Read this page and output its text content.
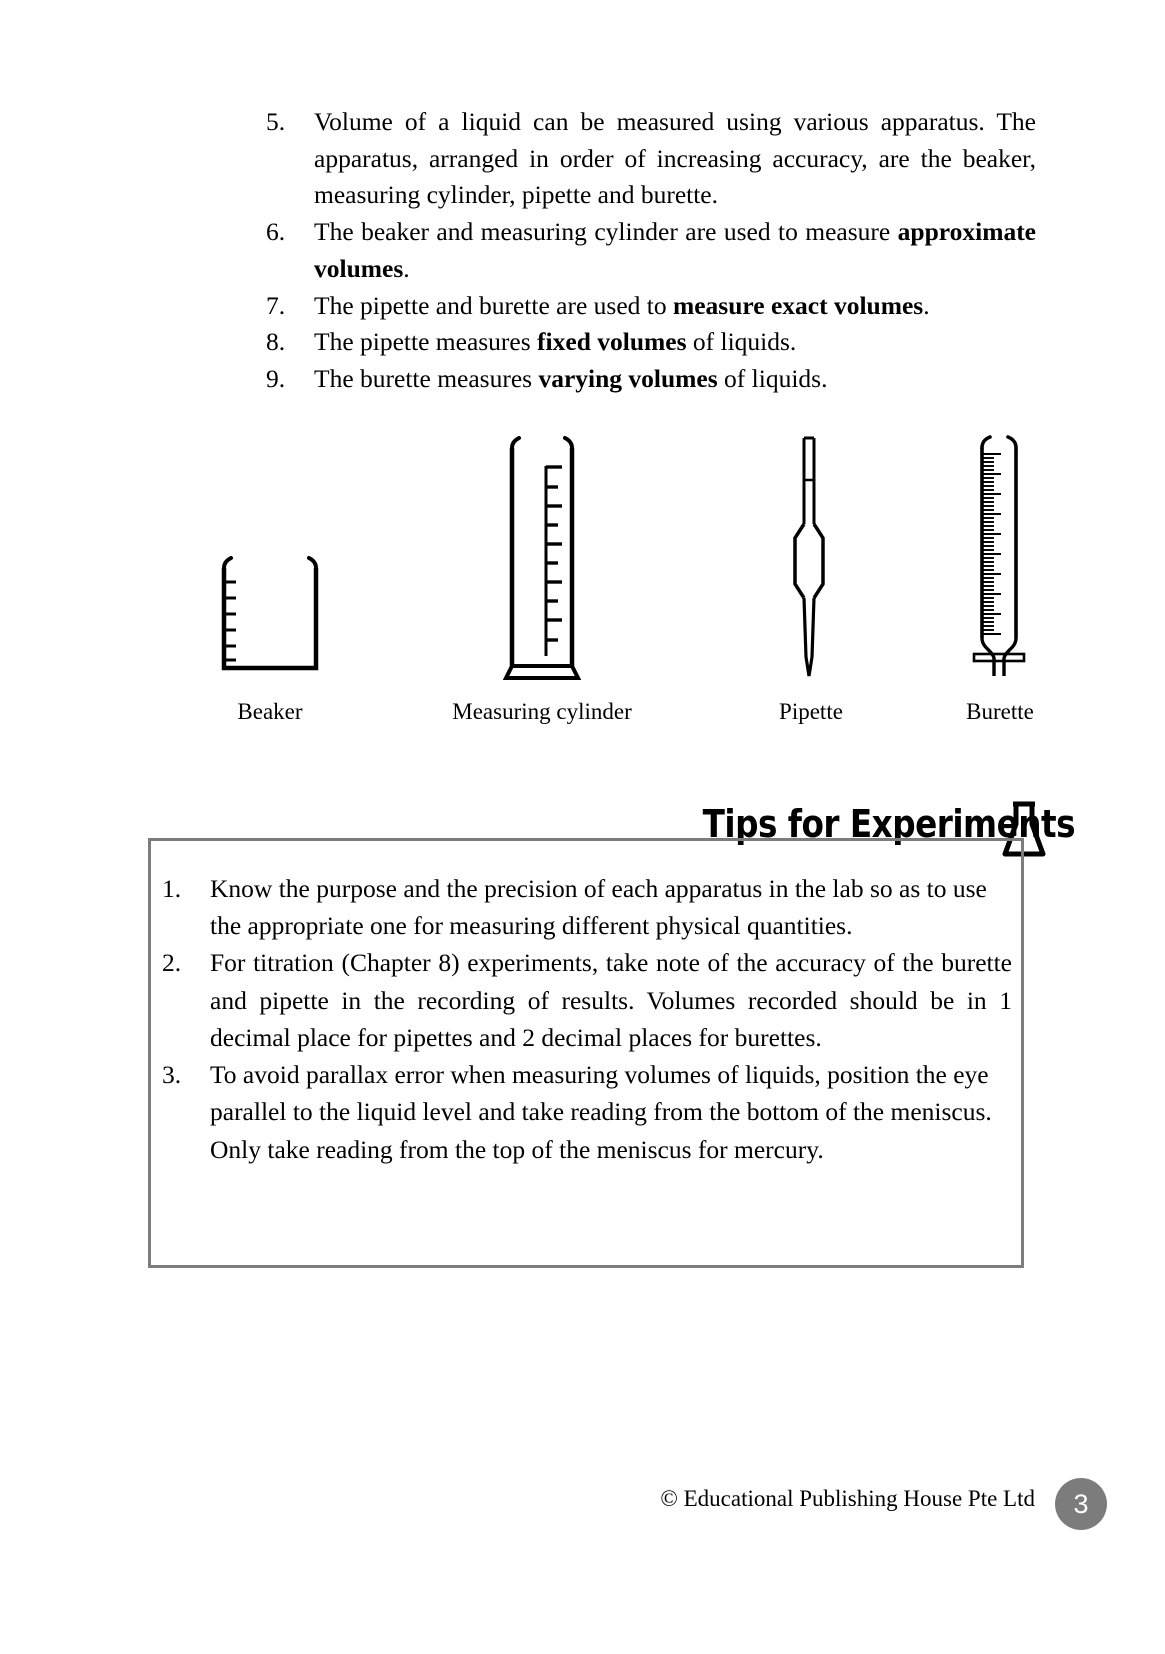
5.	Volume of a liquid can be measured using various apparatus. The apparatus, arranged in order of increasing accuracy, are the beaker, measuring cylinder, pipette and burette.
6.	The beaker and measuring cylinder are used to measure approximate volumes.
7.	The pipette and burette are used to measure exact volumes.
8.	The pipette measures fixed volumes of liquids.
9.	The burette measures varying volumes of liquids.
Beaker	Measuring cylinder	Pipette	Burette
Tips for Experiments
1.	Know the purpose and the precision of each apparatus in the lab so as to use the appropriate one for measuring different physical quantities.
2.	For titration (Chapter 8) experiments, take note of the accuracy of the burette and pipette in the recording of results. Volumes recorded should be in 1 decimal place for pipettes and 2 decimal places for burettes.
3.	To avoid parallax error when measuring volumes of liquids, position the eye parallel to the liquid level and take reading from the bottom of the meniscus. Only take reading from the top of the meniscus for mercury.
© Educational Publishing House Pte Ltd	3
